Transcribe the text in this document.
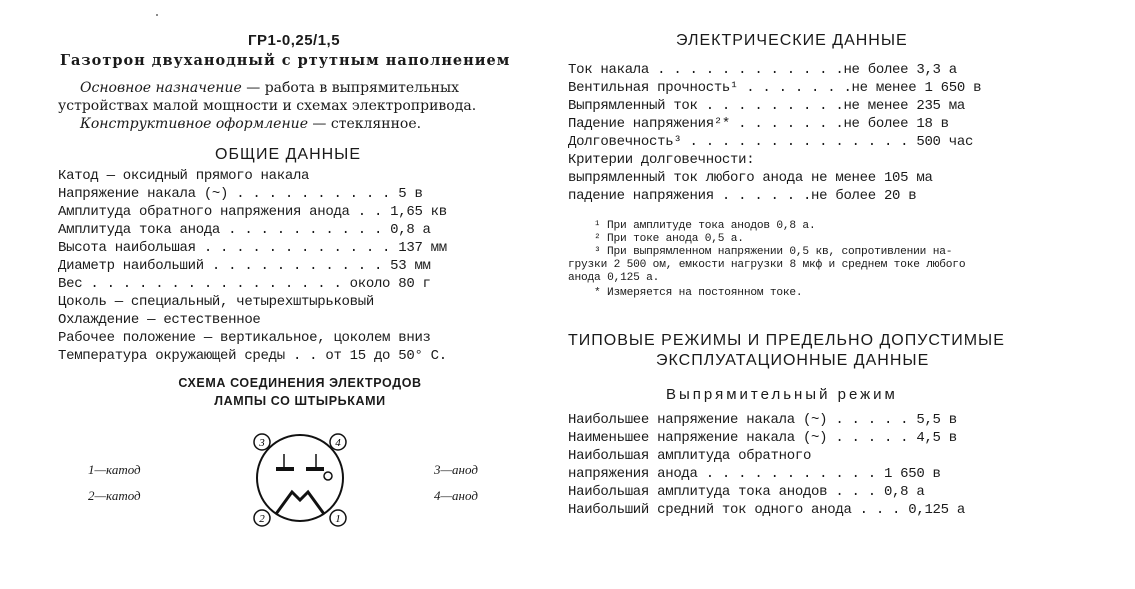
ГР1-0,25/1,5
Газотрон двуханодный с ртутным наполнением
Основное назначение — работа в выпрямительных
устройствах малой мощности и схемах электропривода.
Конструктивное оформление — стеклянное.
ОБЩИЕ ДАННЫЕ
Катод — оксидный прямого накала
Напряжение накала (~) . . . . . . . . . . 5 в
Амплитуда обратного напряжения анода . . 1,65 кв
Амплитуда тока анода . . . . . . . . . . 0,8 а
Высота наибольшая . . . . . . . . . . . . 137 мм
Диаметр наибольший . . . . . . . . . . . 53 мм
Вес . . . . . . . . . . . . . . . . около 80 г
Цоколь — специальный, четырехштырьковый
Охлаждение — естественное
Рабочее положение — вертикальное, цоколем вниз
Температура окружающей среды . . от 15 до 50° С.
СХЕМА СОЕДИНЕНИЯ ЭЛЕКТРОДОВ
ЛАМПЫ СО ШТЫРЬКАМИ
1—катод
2—катод
3—анод
4—анод
3	4
2	1
ЭЛЕКТРИЧЕСКИЕ ДАННЫЕ
Ток накала . . . . . . . . . . . .не более 3,3 а
Вентильная прочность¹ . . . . . . .не менее 1 650 в
Выпрямленный ток . . . . . . . . .не менее 235 ма
Падение напряжения²* . . . . . . .не более 18 в
Долговечность³ . . . . . . . . . . . . . . 500 час
Критерии долговечности:
выпрямленный ток любого анода не менее 105 ма
падение напряжения . . . . . .не более 20 в
¹ При амплитуде тока анодов 0,8 а.
² При токе анода 0,5 а.
³ При выпрямленном напряжении 0,5 кв, сопротивлении на-
грузки 2 500 ом, емкости нагрузки 8 мкф и среднем токе любого
анода 0,125 а.
* Измеряется на постоянном токе.
ТИПОВЫЕ РЕЖИМЫ И ПРЕДЕЛЬНО ДОПУСТИМЫЕ
ЭКСПЛУАТАЦИОННЫЕ ДАННЫЕ
Выпрямительный режим
Наибольшее напряжение накала (~) . . . . . 5,5 в
Наименьшее напряжение накала (~) . . . . . 4,5 в
Наибольшая амплитуда обратного
напряжения анода . . . . . . . . . . . 1 650 в
Наибольшая амплитуда тока анодов . . . 0,8 а
Наибольший средний ток одного анода . . . 0,125 а
